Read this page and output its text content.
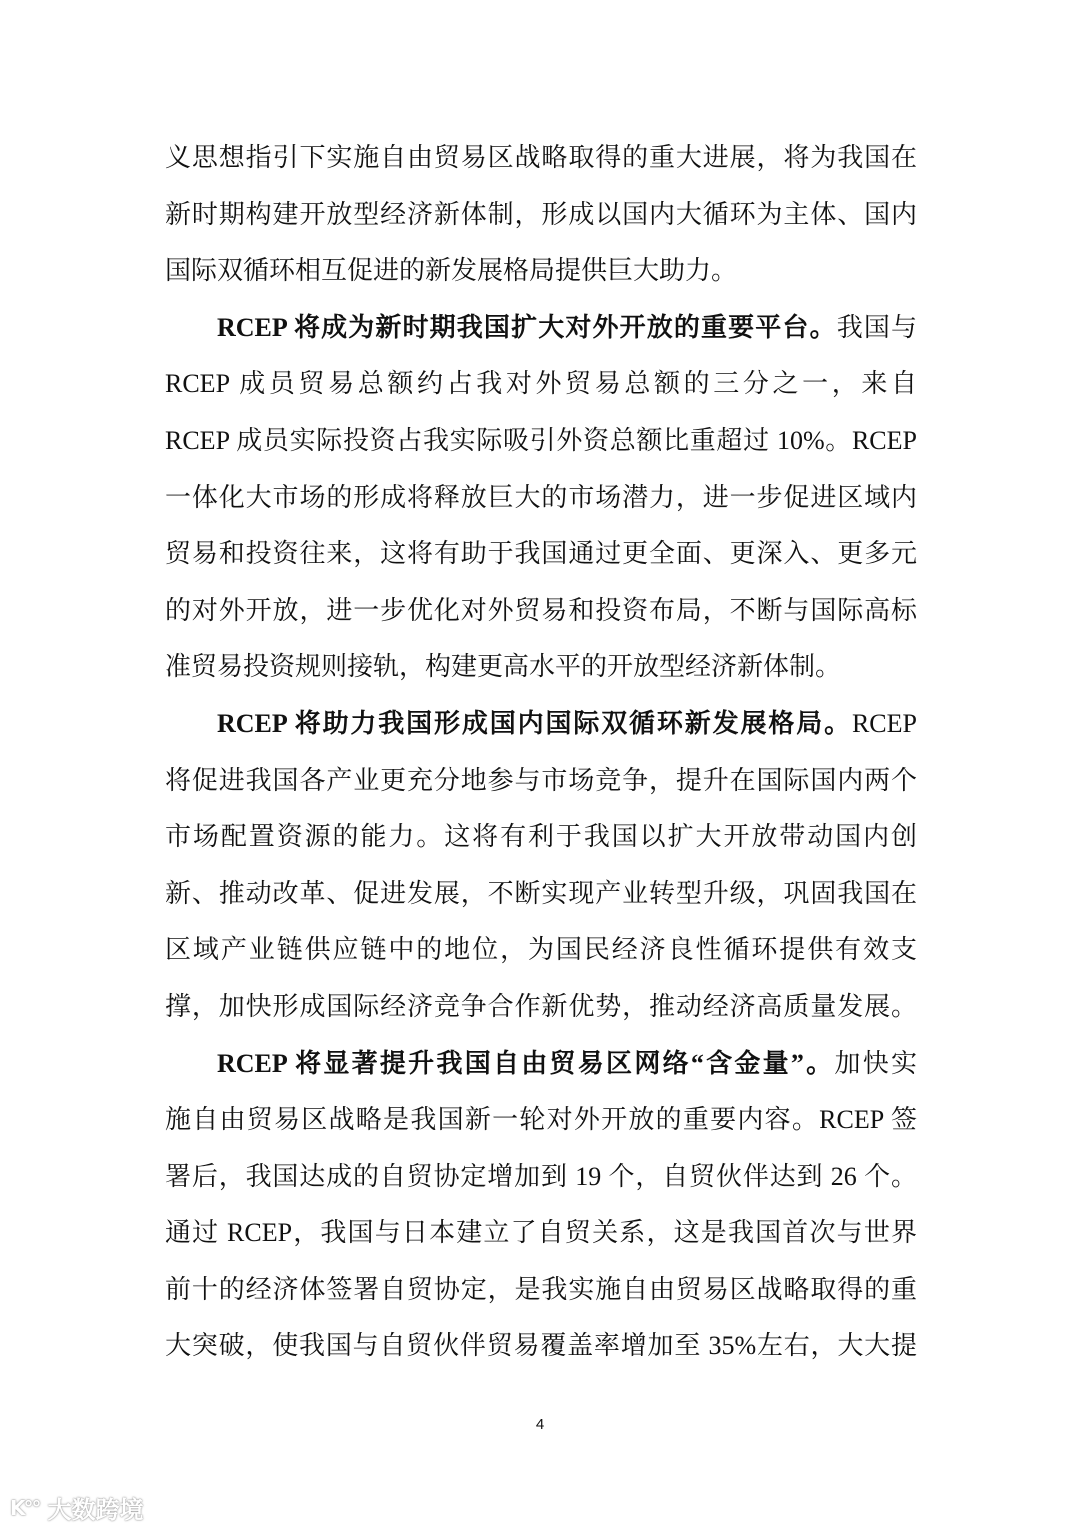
义思想指引下实施自由贸易区战略取得的重大进展，将为我国在
新时期构建开放型经济新体制，形成以国内大循环为主体、国内
国际双循环相互促进的新发展格局提供巨大助力。
RCEP 将成为新时期我国扩大对外开放的重要平台。我国与
RCEP 成员贸易总额约占我对外贸易总额的三分之一，来自
RCEP 成员实际投资占我实际吸引外资总额比重超过 10%。RCEP
一体化大市场的形成将释放巨大的市场潜力，进一步促进区域内
贸易和投资往来，这将有助于我国通过更全面、更深入、更多元
的对外开放，进一步优化对外贸易和投资布局，不断与国际高标
准贸易投资规则接轨，构建更高水平的开放型经济新体制。
RCEP 将助力我国形成国内国际双循环新发展格局。RCEP
将促进我国各产业更充分地参与市场竞争，提升在国际国内两个
市场配置资源的能力。这将有利于我国以扩大开放带动国内创
新、推动改革、促进发展，不断实现产业转型升级，巩固我国在
区域产业链供应链中的地位，为国民经济良性循环提供有效支
撑，加快形成国际经济竞争合作新优势，推动经济高质量发展。
RCEP 将显著提升我国自由贸易区网络“含金量”。加快实
施自由贸易区战略是我国新一轮对外开放的重要内容。RCEP 签
署后，我国达成的自贸协定增加到 19 个，自贸伙伴达到 26 个。
通过 RCEP，我国与日本建立了自贸关系，这是我国首次与世界
前十的经济体签署自贸协定，是我实施自由贸易区战略取得的重
大突破，使我国与自贸伙伴贸易覆盖率增加至 35%左右，大大提
4
K°° 大数跨境
